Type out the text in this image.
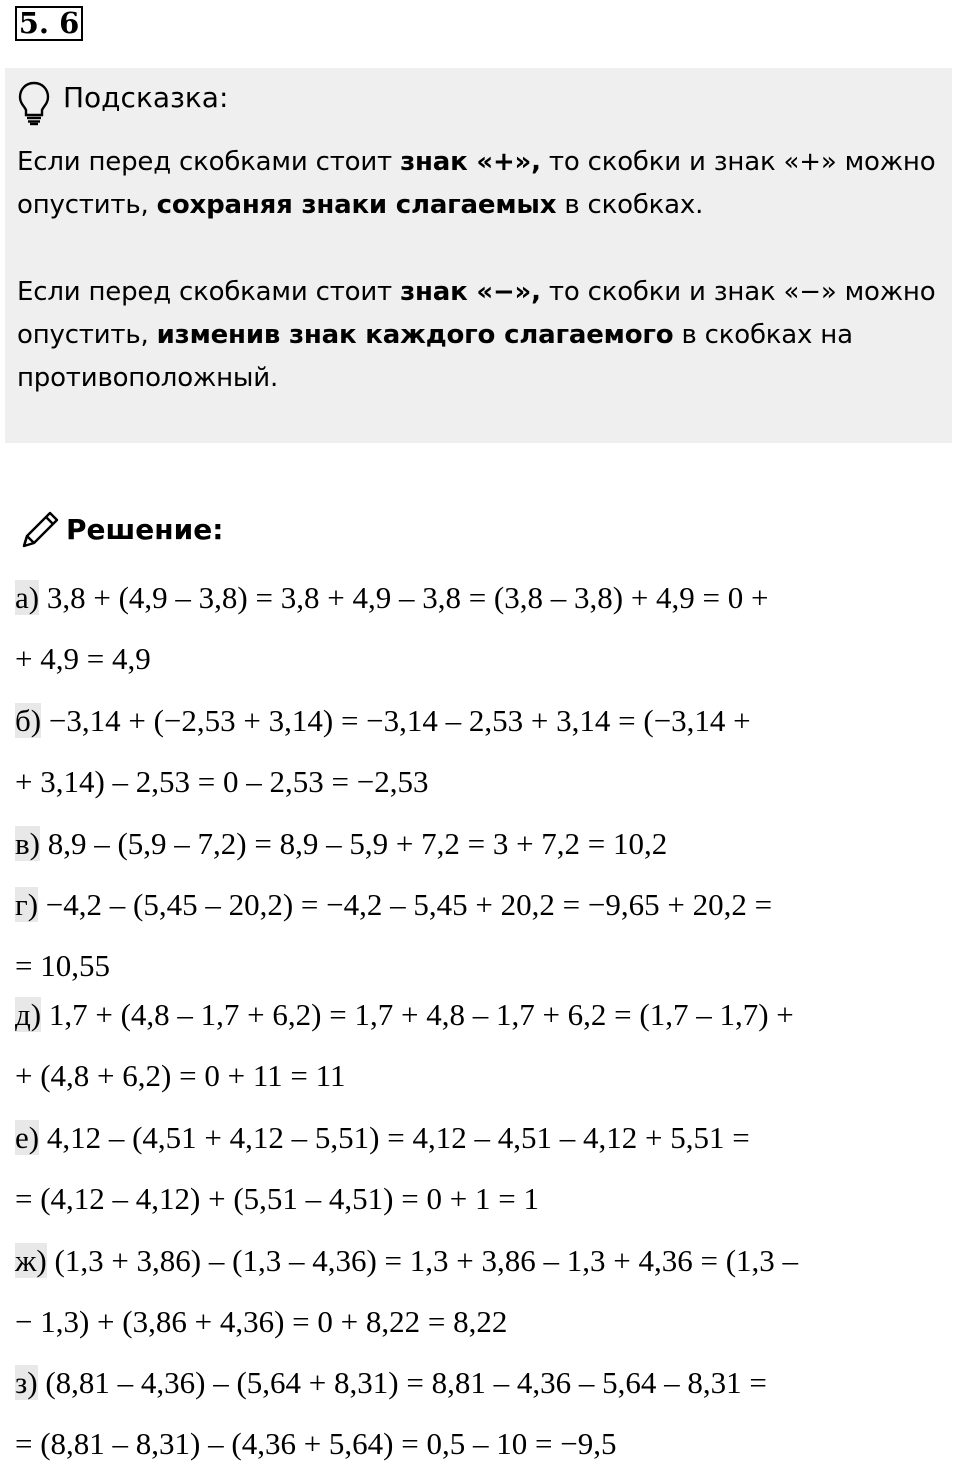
5. 6
Подсказка:

Если перед скобками стоит знак «+», то скобки и знак «+» можно опустить, сохраняя знаки слагаемых в скобках.

Если перед скобками стоит знак «−», то скобки и знак «−» можно опустить, изменив знак каждого слагаемого в скобках на противоположный.

Решение:
а) 3,8 + (4,9 – 3,8) = 3,8 + 4,9 – 3,8 = (3,8 – 3,8) + 4,9 = 0 +
+ 4,9 = 4,9
б) −3,14 + (−2,53 + 3,14) = −3,14 – 2,53 + 3,14 = (−3,14 +
+ 3,14) – 2,53 = 0 – 2,53 = −2,53
в) 8,9 – (5,9 – 7,2) = 8,9 – 5,9 + 7,2 = 3 + 7,2 = 10,2
г) −4,2 – (5,45 – 20,2) = −4,2 – 5,45 + 20,2 = −9,65 + 20,2 =
= 10,55
д) 1,7 + (4,8 – 1,7 + 6,2) = 1,7 + 4,8 – 1,7 + 6,2 = (1,7 – 1,7) +
+ (4,8 + 6,2) = 0 + 11 = 11
е) 4,12 – (4,51 + 4,12 – 5,51) = 4,12 – 4,51 – 4,12 + 5,51 =
= (4,12 – 4,12) + (5,51 – 4,51) = 0 + 1 = 1
ж) (1,3 + 3,86) – (1,3 – 4,36) = 1,3 + 3,86 – 1,3 + 4,36 = (1,3 –
− 1,3) + (3,86 + 4,36) = 0 + 8,22 = 8,22
з) (8,81 – 4,36) – (5,64 + 8,31) = 8,81 – 4,36 – 5,64 – 8,31 =
= (8,81 – 8,31) – (4,36 + 5,64) = 0,5 – 10 = −9,5
